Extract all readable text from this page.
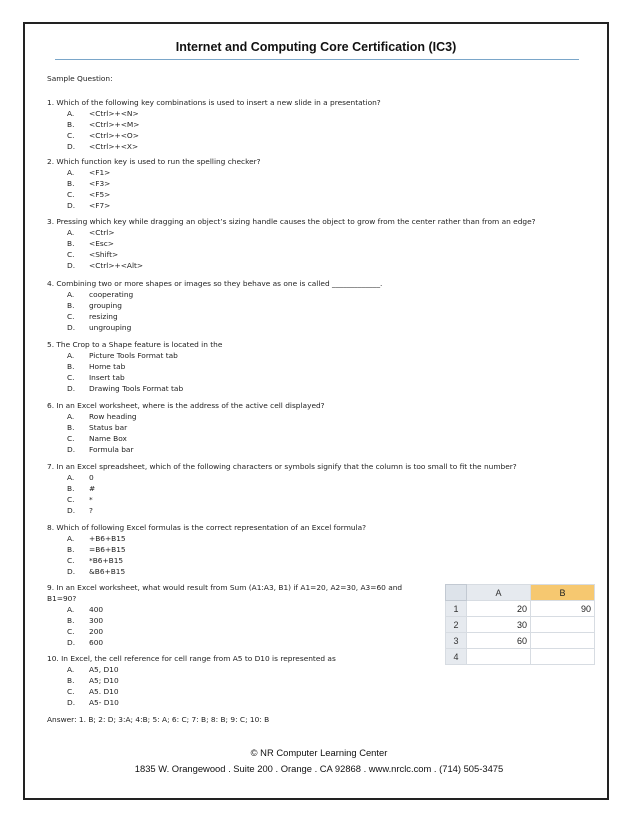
Internet and Computing Core Certification (IC3)
	A	B
1	20	90
2	30	
3	60	
4		
Sample Question:
1. Which of the following key combinations is used to insert a new slide in a presentation?
A. <Ctrl>+<N>
B. <Ctrl>+<M>
C. <Ctrl>+<O>
D. <Ctrl>+<X>
2. Which function key is used to run the spelling checker?
A. <F1>
B. <F3>
C. <F5>
D. <F7>
3. Pressing which key while dragging an object’s sizing handle causes the object to grow from the center rather than from an edge?
A. <Ctrl>
B. <Esc>
C. <Shift>
D. <Ctrl>+<Alt>
4. Combining two or more shapes or images so they behave as one is called _____________.
A. cooperating
B. grouping
C. resizing
D. ungrouping
5. The Crop to a Shape feature is located in the
A. Picture Tools Format tab
B. Home tab
C. Insert tab
D. Drawing Tools Format tab
6. In an Excel worksheet, where is the address of the active cell displayed?
A. Row heading
B. Status bar
C. Name Box
D. Formula bar
7. In an Excel spreadsheet, which of the following characters or symbols signify that the column is too small to fit the number?
A. 0
B. #
C. *
D. ?
8. Which of following Excel formulas is the correct representation of an Excel formula?
A. +B6+B15
B. =B6+B15
C. *B6+B15
D. &B6+B15
9. In an Excel worksheet, what would result from Sum (A1:A3, B1) if A1=20, A2=30, A3=60 and
B1=90?
A. 400
B. 300
C. 200
D. 600
10. In Excel, the cell reference for cell range from A5 to D10 is represented as
A. A5, D10
B. A5; D10
C. A5. D10
D. A5- D10
Answer: 1. B; 2: D; 3:A; 4:B; 5: A; 6: C; 7: B; 8: B; 9: C; 10: B
© NR Computer Learning Center
1835 W. Orangewood . Suite 200 . Orange . CA 92868 . www.nrclc.com . (714) 505-3475
